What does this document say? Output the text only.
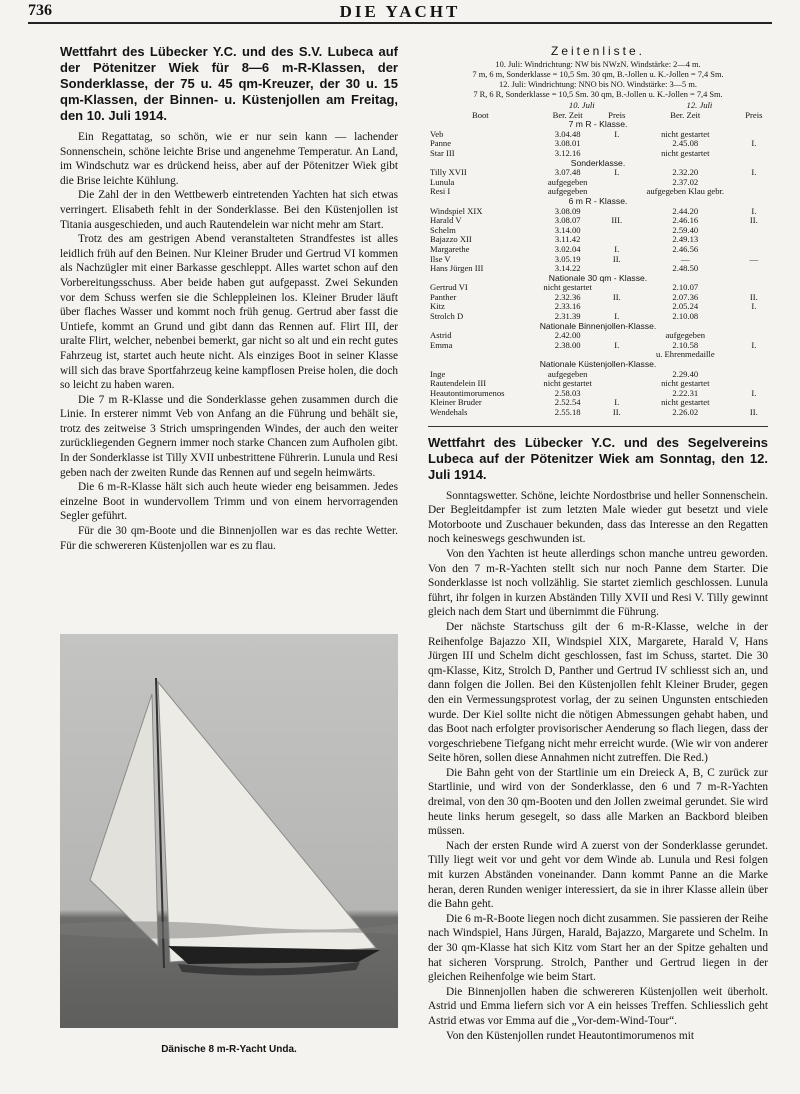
736	DIE YACHT
Wettfahrt des Lübecker Y.C. und des S.V. Lubeca auf der Pötenitzer Wiek für 8—6 m-R-Klassen, der Sonderklasse, der 75 u. 45 qm-Kreuzer, der 30 u. 15 qm-Klassen, der Binnen- u. Küstenjollen am Freitag, den 10. Juli 1914.

Ein Regattatag, so schön, wie er nur sein kann — lachender Sonnenschein, schöne leichte Brise und angenehme Temperatur. An Land, im Windschutz war es drückend heiss, aber auf der Pötenitzer Wiek gibt die Brise leichte Kühlung.

Die Zahl der in den Wettbewerb eintretenden Yachten hat sich etwas verringert. Elisabeth fehlt in der Sonderklasse. Bei den Küstenjollen ist Titania ausgeschieden, und auch Rautendelein war nicht mehr am Start.

Trotz des am gestrigen Abend veranstalteten Strandfestes ist alles leidlich früh auf den Beinen. Nur Kleiner Bruder und Gertrud VI kommen als Nachzügler mit einer Barkasse geschleppt. Alles wartet schon auf den Vorbereitungsschuss. Aber beide haben gut aufgepasst. Zwei Sekunden vor dem Schuss werfen sie die Schleppleinen los. Kleiner Bruder läuft über flaches Wasser und kommt noch früh genug. Gertrud aber fasst die Untiefe, kommt an Grund und gibt dann das Rennen auf. Flirt III, der uralte Flirt, welcher, nebenbei bemerkt, gar nicht so alt und ein recht gutes Fahrzeug ist, startet auch heute nicht. Als einziges Boot in seiner Klasse will sich das brave Sportfahrzeug keine kampflosen Preise holen, die doch so leicht zu haben waren.

Die 7 m R-Klasse und die Sonderklasse gehen zusammen durch die Linie. In ersterer nimmt Veb von Anfang an die Führung und behält sie, trotz des zeitweise 3 Strich umspringenden Windes, der auch den weiter zurückliegenden Gegnern immer noch starke Chancen zum Aufholen gibt. In der Sonderklasse ist Tilly XVII unbestrittene Führerin. Lunula und Resi geben nach der zweiten Runde das Rennen auf und segeln heimwärts.

Die 6 m-R-Klasse hält sich auch heute wieder eng beisammen. Jedes einzelne Boot in wundervollem Trimm und von einem hervorragenden Segler geführt.

Für die 30 qm-Boote und die Binnenjollen war es das rechte Wetter. Für die schwereren Küstenjollen war es zu flau.

Dänische 8 m-R-Yacht Unda.
Zeitenliste.
10. Juli: Windrichtung: NW bis NWzN. Windstärke: 2—4 m.
7 m, 6 m, Sonderklasse = 10,5 Sm. 30 qm, B.-Jollen u. K.-Jollen = 7,4 Sm.
12. Juli: Windrichtung: NNO bis NO. Windstärke: 3—5 m.
7 R, 6 R, Sonderklasse = 10,5 Sm. 30 qm, B.-Jollen u. K.-Jollen = 7,4 Sm.
	10. Juli		12. Juli	
Boot	Ber. Zeit	Preis	Ber. Zeit	Preis
7 m R - Klasse.				
Veb	3.04.48	I.	nicht gestartet	
Panne	3.08.01		2.45.08	I.
Star III	3.12.16		nicht gestartet	
Sonderklasse.				
Tilly XVII	3.07.48	I.	2.32.20	I.
Lunula	aufgegeben		2.37.02	
Resi I	aufgegeben		aufgegeben Klau gebr.	
6 m R - Klasse.				
Windspiel XIX	3.08.09		2.44.20	I.
Harald V	3.08.07	III.	2.46.16	II.
Schelm	3.14.00		2.59.40	
Bajazzo XII	3.11.42		2.49.13	
Margarethe	3.02.04	I.	2.46.56	
Ilse V	3.05.19	II.	—	—
Hans Jürgen III	3.14.22		2.48.50	
Nationale 30 qm - Klasse.				
Gertrud VI	nicht gestartet		2.10.07	
Panther	2.32.36	II.	2.07.36	II.
Kitz	2.33.16		2.05.24	I.
Strolch D	2.31.39	I.	2.10.08	
Nationale Binnenjollen-Klasse.				
Astrid	2.42.00		aufgegeben	
Emma	2.38.00	I.	2.10.58	I.
			u. Ehrenmedaille	
Nationale Küstenjollen-Klasse.				
Inge	aufgegeben		2.29.40	
Rautendelein III	nicht gestartet		nicht gestartet	
Heautontimorumenos	2.58.03		2.22.31	I.
Kleiner Bruder	2.52.54	I.	nicht gestartet	
Wendehals	2.55.18	II.	2.26.02	II.
Wettfahrt des Lübecker Y.C. und des Segelvereins Lubeca auf der Pötenitzer Wiek am Sonntag, den 12. Juli 1914.

Sonntagswetter. Schöne, leichte Nordostbrise und heller Sonnenschein. Der Begleitdampfer ist zum letzten Male wieder gut besetzt und viele Motorboote und Zuschauer bekunden, dass das Interesse an den Regatten noch keineswegs geschwunden ist.

Von den Yachten ist heute allerdings schon manche untreu geworden. Von den 7 m-R-Yachten stellt sich nur noch Panne dem Starter. Die Sonderklasse ist noch vollzählig. Sie startet ziemlich geschlossen. Lunula führt, ihr folgen in kurzen Abständen Tilly XVII und Resi V. Tilly gewinnt gleich nach dem Start und übernimmt die Führung.

Der nächste Startschuss gilt der 6 m-R-Klasse, welche in der Reihenfolge Bajazzo XII, Windspiel XIX, Margarete, Harald V, Hans Jürgen III und Schelm dicht geschlossen, fast im Schuss, startet. Die 30 qm-Klasse, Kitz, Strolch D, Panther und Gertrud IV schliesst sich an, und dann folgen die Jollen. Bei den Küstenjollen fehlt Kleiner Bruder, gegen den ein Vermessungsprotest vorlag, der zu seinen Ungunsten entschieden wurde. Der Kiel sollte nicht die nötigen Abmessungen gehabt haben, und das Boot nach erfolgter provisorischer Aenderung so flach liegen, dass der vorgeschriebene Tiefgang nicht mehr erreicht wurde. (Wie wir von anderer Seite hören, sollen diese Annahmen nicht zutreffen. Die Red.)

Die Bahn geht von der Startlinie um ein Dreieck A, B, C zurück zur Startlinie, und wird von der Sonderklasse, den 6 und 7 m-R-Yachten dreimal, von den 30 qm-Booten und den Jollen zweimal gerundet. Sie wird heute links herum gesegelt, so dass alle Marken an Backbord bleiben müssen.

Nach der ersten Runde wird A zuerst von der Sonderklasse gerundet. Tilly liegt weit vor und geht vor dem Winde ab. Lunula und Resi folgen mit kurzen Abständen voneinander. Dann kommt Panne an die Marke heran, deren Runden weniger interessiert, da sie in ihrer Klasse allein über die Bahn geht.

Die 6 m-R-Boote liegen noch dicht zusammen. Sie passieren der Reihe nach Windspiel, Hans Jürgen, Harald, Bajazzo, Margarete und Schelm. In der 30 qm-Klasse hat sich Kitz vom Start her an der Spitze gehalten und hat sicheren Vorsprung. Strolch, Panther und Gertrud liegen in der gleichen Reihenfolge wie beim Start.

Die Binnenjollen haben die schwereren Küstenjollen weit überholt. Astrid und Emma liefern sich vor A ein heisses Treffen. Schliesslich geht Astrid etwas vor Emma auf die „Vor-dem-Wind-Tour“.

Von den Küstenjollen rundet Heautontimorumenos mit
